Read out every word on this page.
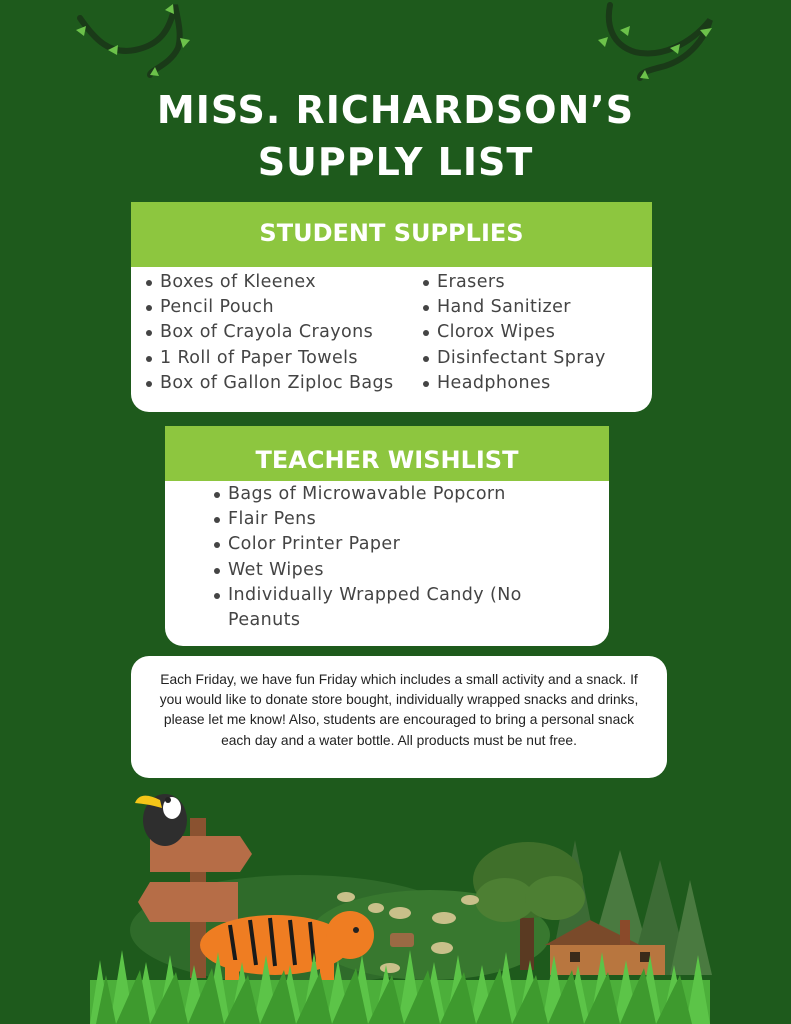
MISS. RICHARDSON’S
SUPPLY LIST
STUDENT SUPPLIES
Boxes of Kleenex
Pencil Pouch
Box of Crayola Crayons
1 Roll of Paper Towels
Box of Gallon Ziploc Bags
Erasers
Hand Sanitizer
Clorox Wipes
Disinfectant Spray
Headphones
TEACHER WISHLIST
Bags of Microwavable Popcorn
Flair Pens
Color Printer Paper
Wet Wipes
Individually Wrapped Candy (No Peanuts
Each Friday, we have fun Friday which includes a small activity and a snack. If you would like to donate store bought, individually wrapped snacks and drinks, please let me know! Also, students are encouraged to bring a personal snack each day and a water bottle. All products must be nut free.
